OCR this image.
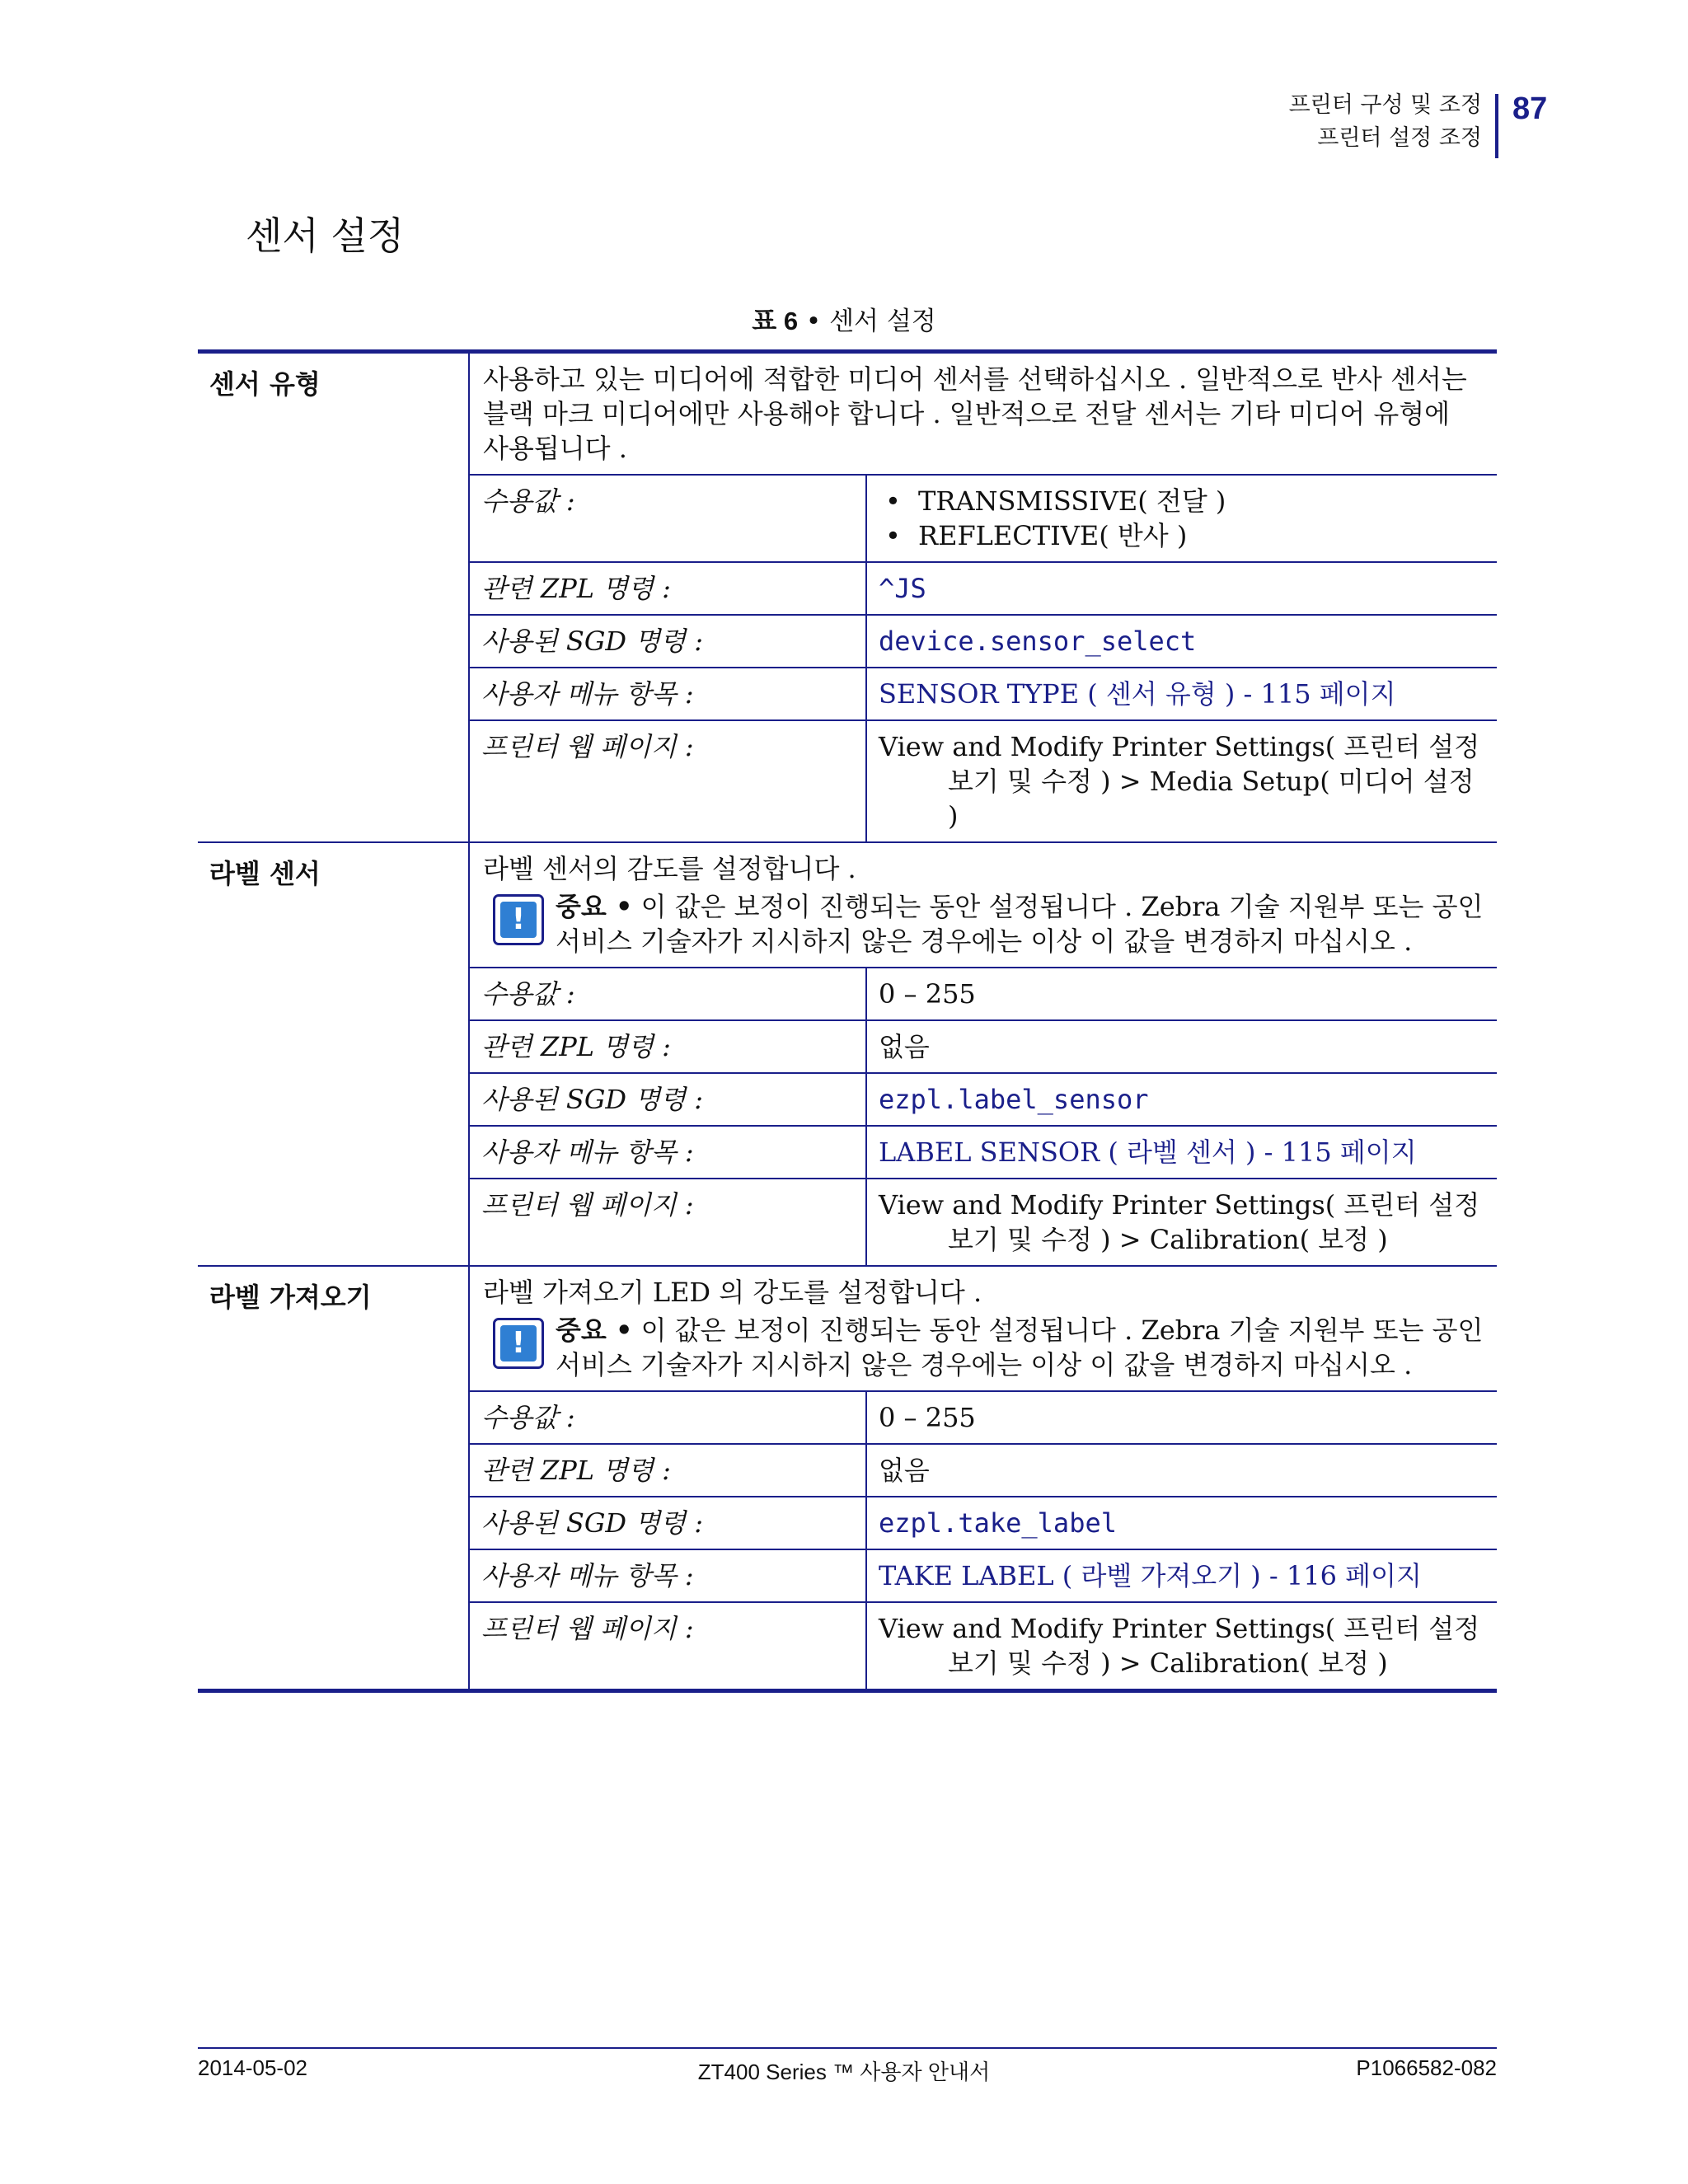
프린터 구성 및 조정
프린터 설정 조정
87
센서 설정
표 6 • 센서 설정
센서 유형	사용하고 있는 미디어에 적합한 미디어 센서를 선택하십시오 . 일반적으로 반사 센서는 블랙 마크 미디어에만 사용해야 합니다 . 일반적으로 전달 센서는 기타 미디어 유형에 사용됩니다 .
수용값 :	
•TRANSMISSIVE( 전달 )
• REFLECTIVE( 반사 )

관련 ZPL 명령 :	^JS
사용된 SGD 명령 :	device.sensor_select
사용자 메뉴 항목 :	SENSOR TYPE ( 센서 유형 ) - 115 페이지
프린터 웹 페이지 :	View and Modify Printer Settings( 프린터 설정 보기 및 수정 ) > Media Setup( 미디어 설정 )

라벨 센서	라벨 센서의 감도를 설정합니다 .
!	중요 • 이 값은 보정이 진행되는 동안 설정됩니다 . Zebra 기술 지원부 또는 공인 서비스 기술자가 지시하지 않은 경우에는 이상 이 값을 변경하지 마십시오 .
수용값 :	0 – 255
관련 ZPL 명령 :	없음
사용된 SGD 명령 :	ezpl.label_sensor
사용자 메뉴 항목 :	LABEL SENSOR ( 라벨 센서 ) - 115 페이지
프린터 웹 페이지 :	View and Modify Printer Settings( 프린터 설정 보기 및 수정 ) > Calibration( 보정 )

라벨 가져오기	라벨 가져오기 LED 의 강도를 설정합니다 .
!	중요 • 이 값은 보정이 진행되는 동안 설정됩니다 . Zebra 기술 지원부 또는 공인 서비스 기술자가 지시하지 않은 경우에는 이상 이 값을 변경하지 마십시오 .
수용값 :	0 – 255
관련 ZPL 명령 :	없음
사용된 SGD 명령 :	ezpl.take_label
사용자 메뉴 항목 :	TAKE LABEL ( 라벨 가져오기 ) - 116 페이지
프린터 웹 페이지 :	View and Modify Printer Settings( 프린터 설정 보기 및 수정 ) > Calibration( 보정 )
2014-05-02	ZT400 Series ™ 사용자 안내서	P1066582-082
